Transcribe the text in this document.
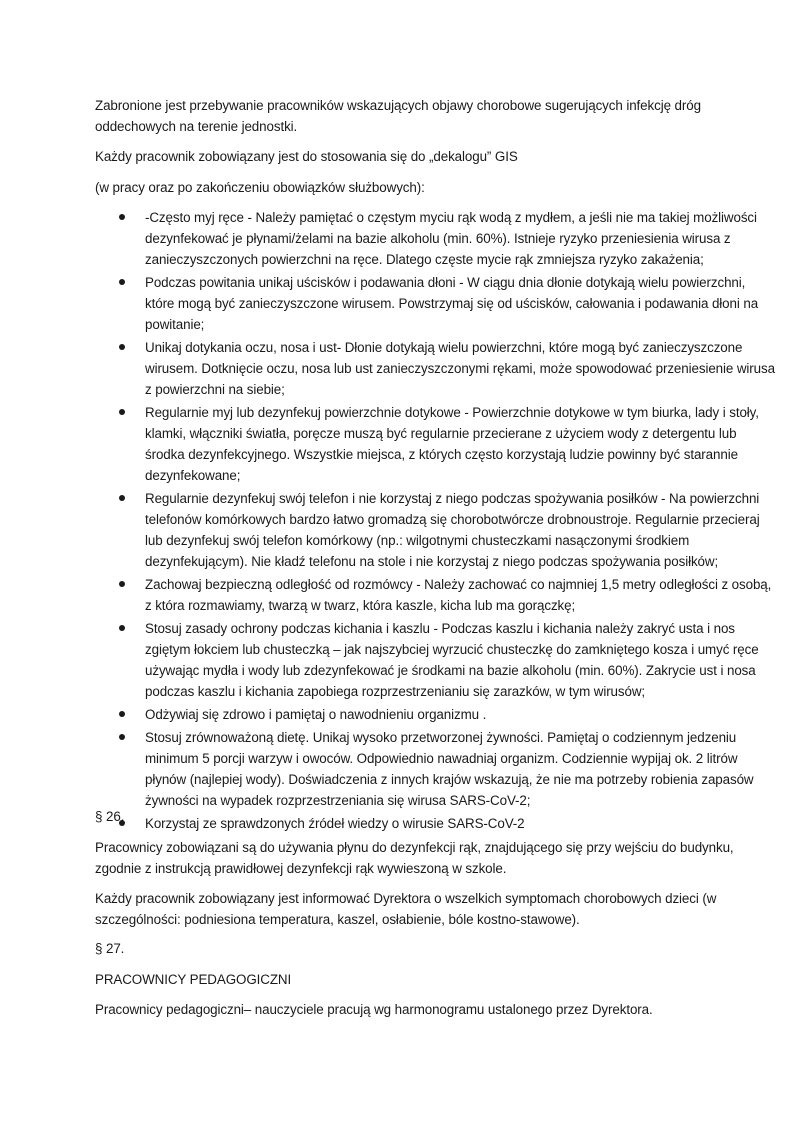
Zabronione jest przebywanie pracowników wskazujących objawy chorobowe sugerujących infekcję dróg oddechowych na terenie jednostki.

Każdy pracownik zobowiązany jest do stosowania się do „dekalogu” GIS

(w pracy oraz po zakończeniu obowiązków służbowych):

-Często myj ręce - Należy pamiętać o częstym myciu rąk wodą z mydłem, a jeśli nie ma takiej możliwości dezynfekować je płynami/żelami na bazie alkoholu (min. 60%). Istnieje ryzyko przeniesienia wirusa z zanieczyszczonych powierzchni na ręce. Dlatego częste mycie rąk zmniejsza ryzyko zakażenia;
Podczas powitania unikaj uścisków i podawania dłoni - W ciągu dnia dłonie dotykają wielu powierzchni, które mogą być zanieczyszczone wirusem. Powstrzymaj się od uścisków, całowania i podawania dłoni na powitanie;
Unikaj dotykania oczu, nosa i ust- Dłonie dotykają wielu powierzchni, które mogą być zanieczyszczone wirusem. Dotknięcie oczu, nosa lub ust zanieczyszczonymi rękami, może spowodować przeniesienie wirusa z powierzchni na siebie;
Regularnie myj lub dezynfekuj powierzchnie dotykowe - Powierzchnie dotykowe w tym biurka, lady i stoły, klamki, włączniki światła, poręcze muszą być regularnie przecierane z użyciem wody z detergentu lub środka dezynfekcyjnego. Wszystkie miejsca, z których często korzystają ludzie powinny być starannie dezynfekowane;
Regularnie dezynfekuj swój telefon i nie korzystaj z niego podczas spożywania posiłków - Na powierzchni telefonów komórkowych bardzo łatwo gromadzą się chorobotwórcze drobnoustroje. Regularnie przecieraj lub dezynfekuj swój telefon komórkowy (np.: wilgotnymi chusteczkami nasączonymi środkiem dezynfekującym). Nie kładź telefonu na stole i nie korzystaj z niego podczas spożywania posiłków;
Zachowaj bezpieczną odległość od rozmówcy - Należy zachować co najmniej 1,5 metry odległości z osobą, z która rozmawiamy, twarzą w twarz, która kaszle, kicha lub ma gorączkę;
Stosuj zasady ochrony podczas kichania i kaszlu - Podczas kaszlu i kichania należy zakryć usta i nos zgiętym łokciem lub chusteczką – jak najszybciej wyrzucić chusteczkę do zamkniętego kosza i umyć ręce używając mydła i wody lub zdezynfekować je środkami na bazie alkoholu (min. 60%). Zakrycie ust i nosa podczas kaszlu i kichania zapobiega rozprzestrzenianiu się zarazków, w tym wirusów;
Odżywiaj się zdrowo i pamiętaj o nawodnieniu organizmu .
Stosuj zrównoważoną dietę. Unikaj wysoko przetworzonej żywności. Pamiętaj o codziennym jedzeniu minimum 5 porcji warzyw i owoców. Odpowiednio nawadniaj organizm. Codziennie wypijaj ok. 2 litrów płynów (najlepiej wody). Doświadczenia z innych krajów wskazują, że nie ma potrzeby robienia zapasów żywności na wypadek rozprzestrzeniania się wirusa SARS-CoV-2;
Korzystaj ze sprawdzonych źródeł wiedzy o wirusie SARS-CoV-2

§ 26.

Pracownicy zobowiązani są do używania płynu do dezynfekcji rąk, znajdującego się przy wejściu do budynku, zgodnie z instrukcją prawidłowej dezynfekcji rąk wywieszoną w szkole.

Każdy pracownik zobowiązany jest informować Dyrektora o wszelkich symptomach chorobowych dzieci (w szczególności: podniesiona temperatura, kaszel, osłabienie, bóle kostno-stawowe).

§ 27.

PRACOWNICY PEDAGOGICZNI

Pracownicy pedagogiczni– nauczyciele pracują wg harmonogramu ustalonego przez Dyrektora.
